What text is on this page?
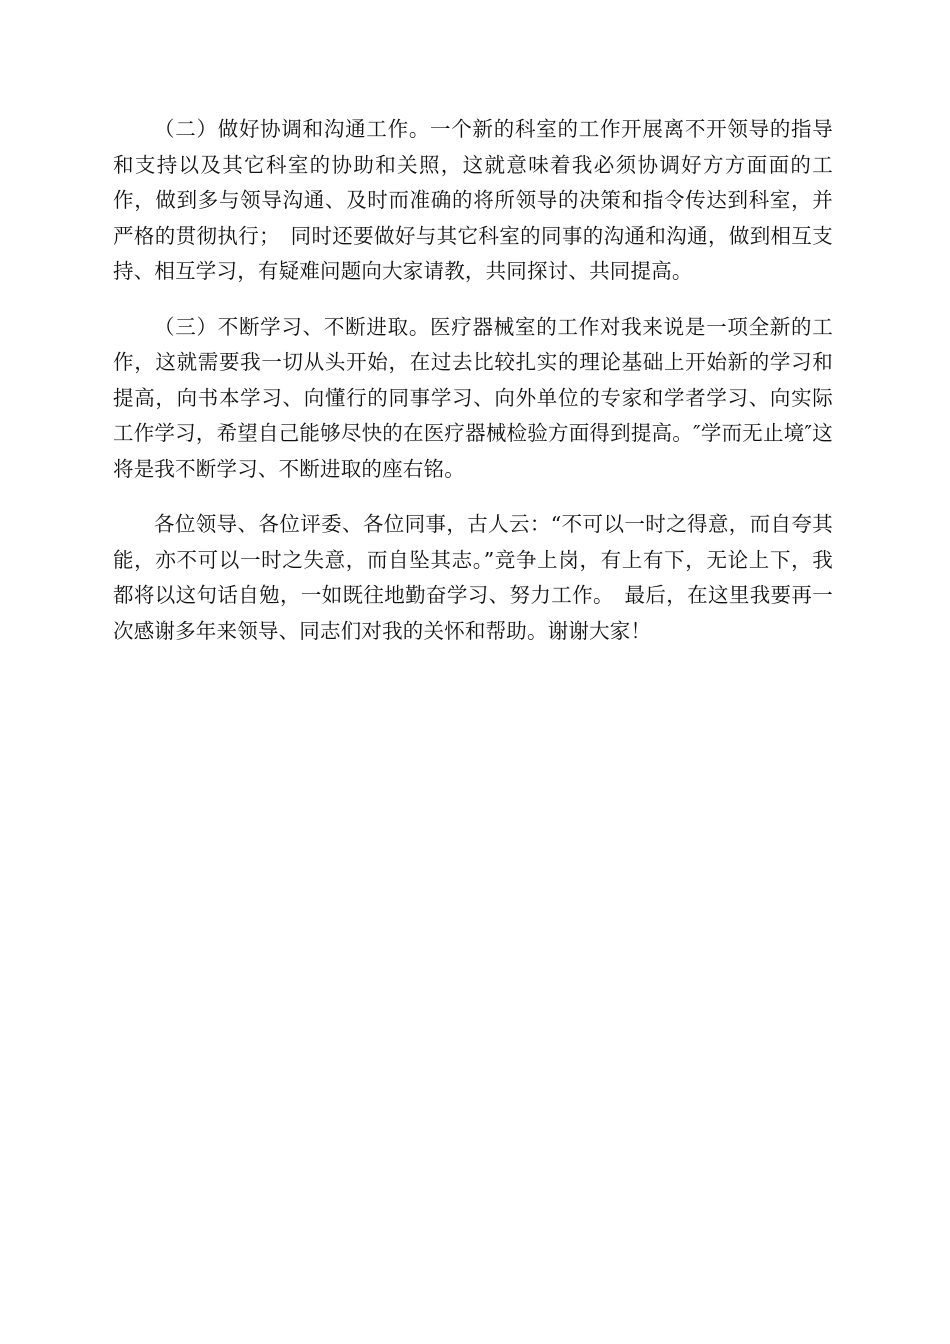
（二）做好协调和沟通工作。一个新的科室的工作开展离不开领导的指导和支持以及其它科室的协助和关照，这就意味着我必须协调好方方面面的工作，做到多与领导沟通、及时而准确的将所领导的决策和指令传达到科室，并严格的贯彻执行；　同时还要做好与其它科室的同事的沟通和沟通，做到相互支持、相互学习，有疑难问题向大家请教，共同探讨、共同提高。

（三）不断学习、不断进取。医疗器械室的工作对我来说是一项全新的工作，这就需要我一切从头开始，在过去比较扎实的理论基础上开始新的学习和提高，向书本学习、向懂行的同事学习、向外单位的专家和学者学习、向实际工作学习，希望自己能够尽快的在医疗器械检验方面得到提高。″学而无止境″这将是我不断学习、不断进取的座右铭。

各位领导、各位评委、各位同事，古人云：“不可以一时之得意，而自夸其能，亦不可以一时之失意，而自坠其志。”竞争上岗，有上有下，无论上下，我都将以这句话自勉，一如既往地勤奋学习、努力工作。　最后，在这里我要再一次感谢多年来领导、同志们对我的关怀和帮助。谢谢大家！
